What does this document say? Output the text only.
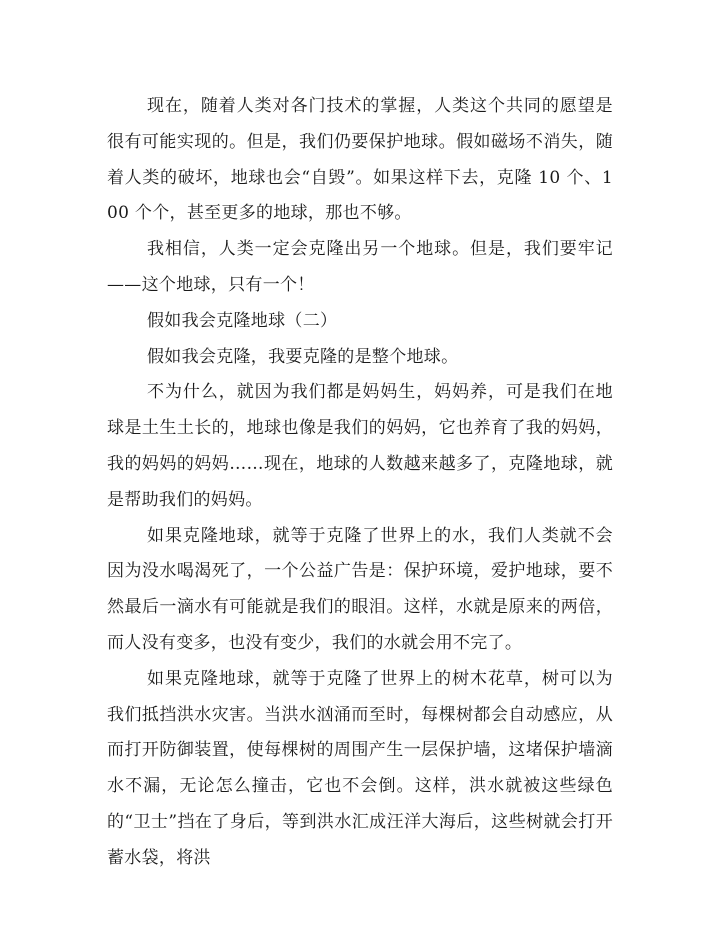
现在，随着人类对各门技术的掌握，人类这个共同的愿望是很有可能实现的。但是，我们仍要保护地球。假如磁场不消失，随着人类的破坏，地球也会“自毁”。如果这样下去，克隆 10 个、100 个个，甚至更多的地球，那也不够。

我相信，人类一定会克隆出另一个地球。但是，我们要牢记——这个地球，只有一个！

假如我会克隆地球（二）

假如我会克隆，我要克隆的是整个地球。

不为什么，就因为我们都是妈妈生，妈妈养，可是我们在地球是土生土长的，地球也像是我们的妈妈，它也养育了我的妈妈，我的妈妈的妈妈……现在，地球的人数越来越多了，克隆地球，就是帮助我们的妈妈。

如果克隆地球，就等于克隆了世界上的水，我们人类就不会因为没水喝渴死了，一个公益广告是：保护环境，爱护地球，要不然最后一滴水有可能就是我们的眼泪。这样，水就是原来的两倍，而人没有变多，也没有变少，我们的水就会用不完了。

如果克隆地球，就等于克隆了世界上的树木花草，树可以为我们抵挡洪水灾害。当洪水汹涌而至时，每棵树都会自动感应，从而打开防御装置，使每棵树的周围产生一层保护墙，这堵保护墙滴水不漏，无论怎么撞击，它也不会倒。这样，洪水就被这些绿色的“卫士”挡在了身后，等到洪水汇成汪洋大海后，这些树就会打开蓄水袋，将洪
